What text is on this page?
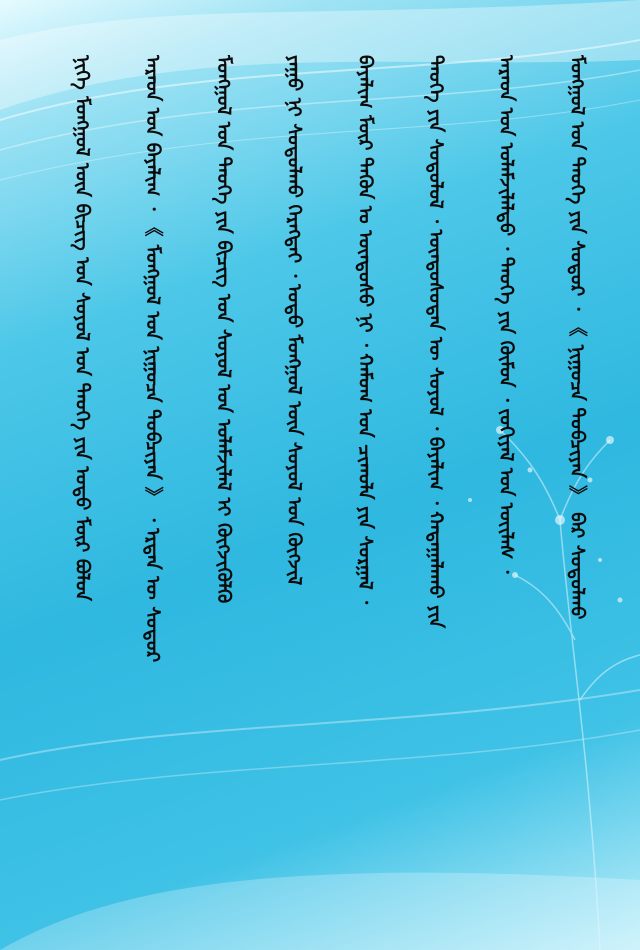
ᠨᠢᠭᠡ ᠮᠣᠩᠭᠣᠯ ᠦᠨ ᠪᠢᠴᠢᠭ ᠤᠨ ᠰᠣᠶᠣᠯ ᠤᠨ ᠲᠡᠦᠬᠡ ᠶᠢᠨ ᠣᠳᠣ ᠮᠥᠷ ᠪᠣᠯᠤᠨ	ᠠᠷᠠᠳ ᠤᠨ ᠪᠠᠶᠠᠯᠢᠭ ᠂ 《 ᠮᠣᠩᠭᠣᠯ ᠤᠨ ᠨᠢᠭᠤᠴᠠ ᠲᠣᠪᠴᠢᠶᠠᠨ 》 ᠂ ᠡᠷᠲᠡᠨ ᠦ ᠰᠤᠳᠤᠷ	ᠮᠣᠩᠭᠣᠯ ᠤᠨ ᠲᠡᠦᠬᠡ ᠶᠢᠨ ᠪᠢᠴᠢᠭ ᠤᠨ ᠰᠣᠶᠣᠯ ᠤᠨ ᠤᠯᠠᠮᠵᠢᠯᠠᠯ ᠢ ᠬᠥᠭᠵᠢᠭᠦᠯᠬᠦ	ᠶᠠᠭᠤ ᠨᠢ ᠰᠤᠳᠤᠯᠬᠤ ᠬᠡᠷᠡᠭᠲᠡᠢ ᠂ ᠣᠳᠣ ᠮᠣᠩᠭᠣᠯ ᠦᠨ ᠰᠣᠶᠣᠯ ᠤᠨ ᠬᠥᠭᠵᠢᠯ	ᠪᠠᠶᠠᠯᠢᠭ ᠮᠥᠷ ᠲᠡᠭᠦᠨ ᠤ ᠦᠨᠳᠦᠰᠦ ᠨᠢ ᠂ ᠬᠠᠮᠤᠭ ᠤᠨ ᠴᠢᠬᠤᠯᠠ ᠶᠢᠨ ᠰᠤᠷᠭᠠᠯ ᠂	ᠲᠡᠦᠬᠡ ᠶᠢᠨ ᠰᠤᠳᠤᠯᠤᠯ ᠂ ᠦᠨᠳᠦᠰᠦᠲᠡᠨ ᠦ ᠰᠣᠶᠣᠯ ᠂ ᠪᠠᠶᠠᠯᠢᠭ ᠂ ᠬᠠᠳᠠᠭᠠᠯᠠᠬᠤ ᠶᠢᠨ	ᠠᠷᠠᠳ ᠤᠨ ᠤᠯᠠᠮᠵᠢᠯᠠᠯᠲᠤ ᠂ ᠲᠡᠦᠬᠡ ᠶᠢᠨ ᠬᠥᠮᠦᠨ ᠂ ᠵᠣᠬᠢᠶᠠᠯ ᠤᠨ ᠦᠢᠯᠡᠰ ᠂	ᠮᠣᠩᠭᠣᠯ ᠤᠨ ᠲᠡᠦᠬᠡ ᠶᠢᠨ ᠰᠤᠳᠤᠷ ᠂ 《 ᠨᠢᠭᠤᠴᠠ ᠲᠣᠪᠴᠢᠶᠠᠨ 》 ᠪᠡᠷ ᠰᠤᠳᠤᠯᠬᠤ
